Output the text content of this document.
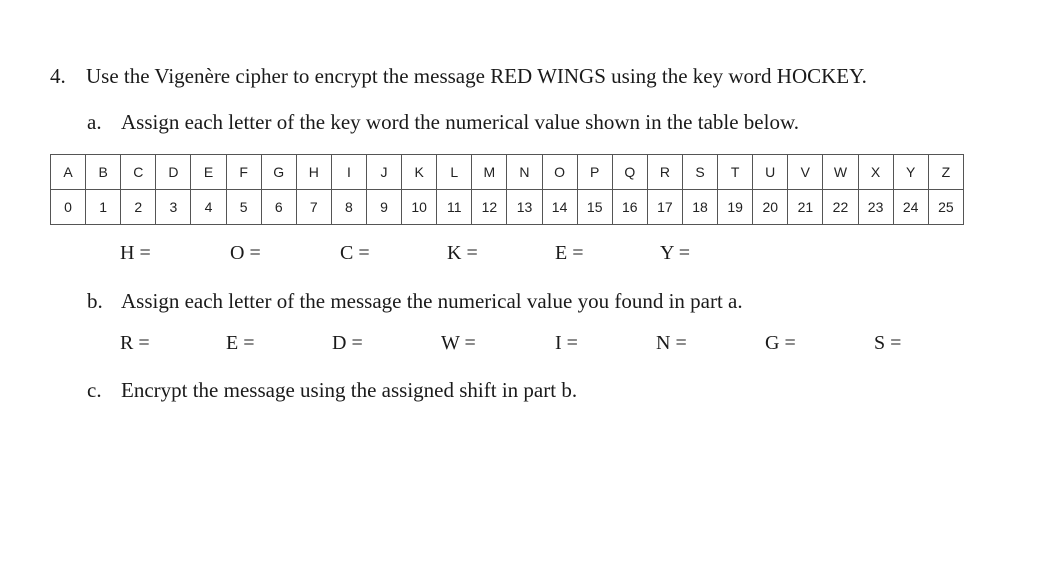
4. Use the Vigenère cipher to encrypt the message RED WINGS using the key word HOCKEY.
a. Assign each letter of the key word the numerical value shown in the table below.
A	B	C	D	E	F	G	H	I	J	K	L	M	N	O	P	Q	R	S	T	U	V	W	X	Y	Z
0	1	2	3	4	5	6	7	8	9	10	11	12	13	14	15	16	17	18	19	20	21	22	23	24	25
H =	O =	C =	K =	E =	Y =
b. Assign each letter of the message the numerical value you found in part a.
R =	E =	D =	W =	I =	N =	G =	S =
c. Encrypt the message using the assigned shift in part b.
